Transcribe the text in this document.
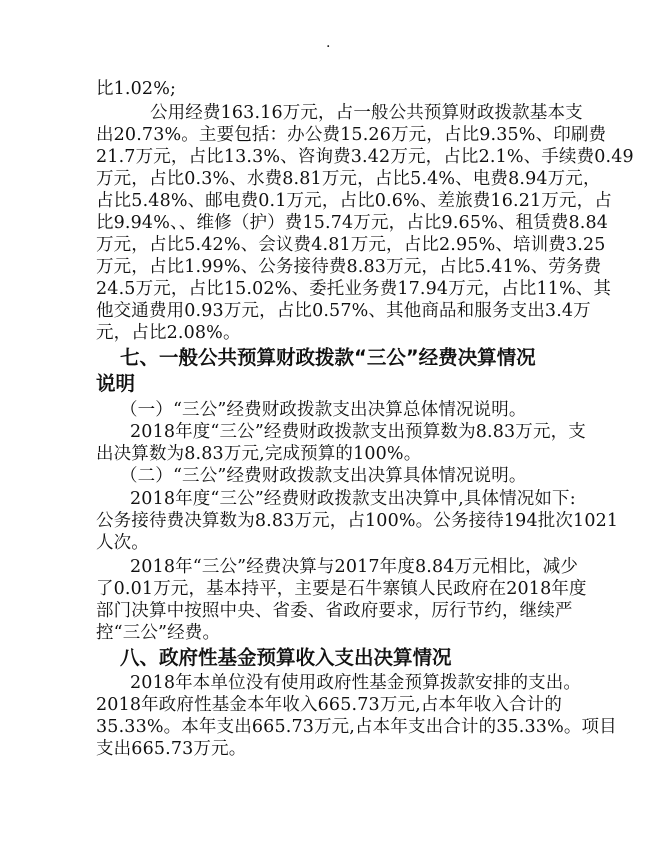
.
比1.02%;
公用经费163.16万元，占一般公共预算财政拨款基本支
出20.73%。主要包括：办公费15.26万元，占比9.35%、印刷费
21.7万元，占比13.3%、咨询费3.42万元，占比2.1%、手续费0.49
万元，占比0.3%、水费8.81万元，占比5.4%、电费8.94万元，
占比5.48%、邮电费0.1万元，占比0.6%、差旅费16.21万元，占
比9.94%、、维修（护）费15.74万元，占比9.65%、租赁费8.84
万元，占比5.42%、会议费4.81万元，占比2.95%、培训费3.25
万元，占比1.99%、公务接待费8.83万元，占比5.41%、劳务费
24.5万元，占比15.02%、委托业务费17.94万元，占比11%、其
他交通费用0.93万元，占比0.57%、其他商品和服务支出3.4万
元，占比2.08%。
七、一般公共预算财政拨款“三公”经费决算情况
说明
（一）“三公”经费财政拨款支出决算总体情况说明。
2018年度“三公”经费财政拨款支出预算数为8.83万元，支
出决算数为8.83万元,完成预算的100%。
（二）“三公”经费财政拨款支出决算具体情况说明。
2018年度“三公”经费财政拨款支出决算中,具体情况如下:
公务接待费决算数为8.83万元，占100%。公务接待194批次1021
人次。
2018年“三公”经费决算与2017年度8.84万元相比，减少
了0.01万元，基本持平，主要是石牛寨镇人民政府在2018年度
部门决算中按照中央、省委、省政府要求，厉行节约，继续严
控“三公”经费。
八、政府性基金预算收入支出决算情况
2018年本单位没有使用政府性基金预算拨款安排的支出。
2018年政府性基金本年收入665.73万元,占本年收入合计的
35.33%。本年支出665.73万元,占本年支出合计的35.33%。项目
支出665.73万元。
